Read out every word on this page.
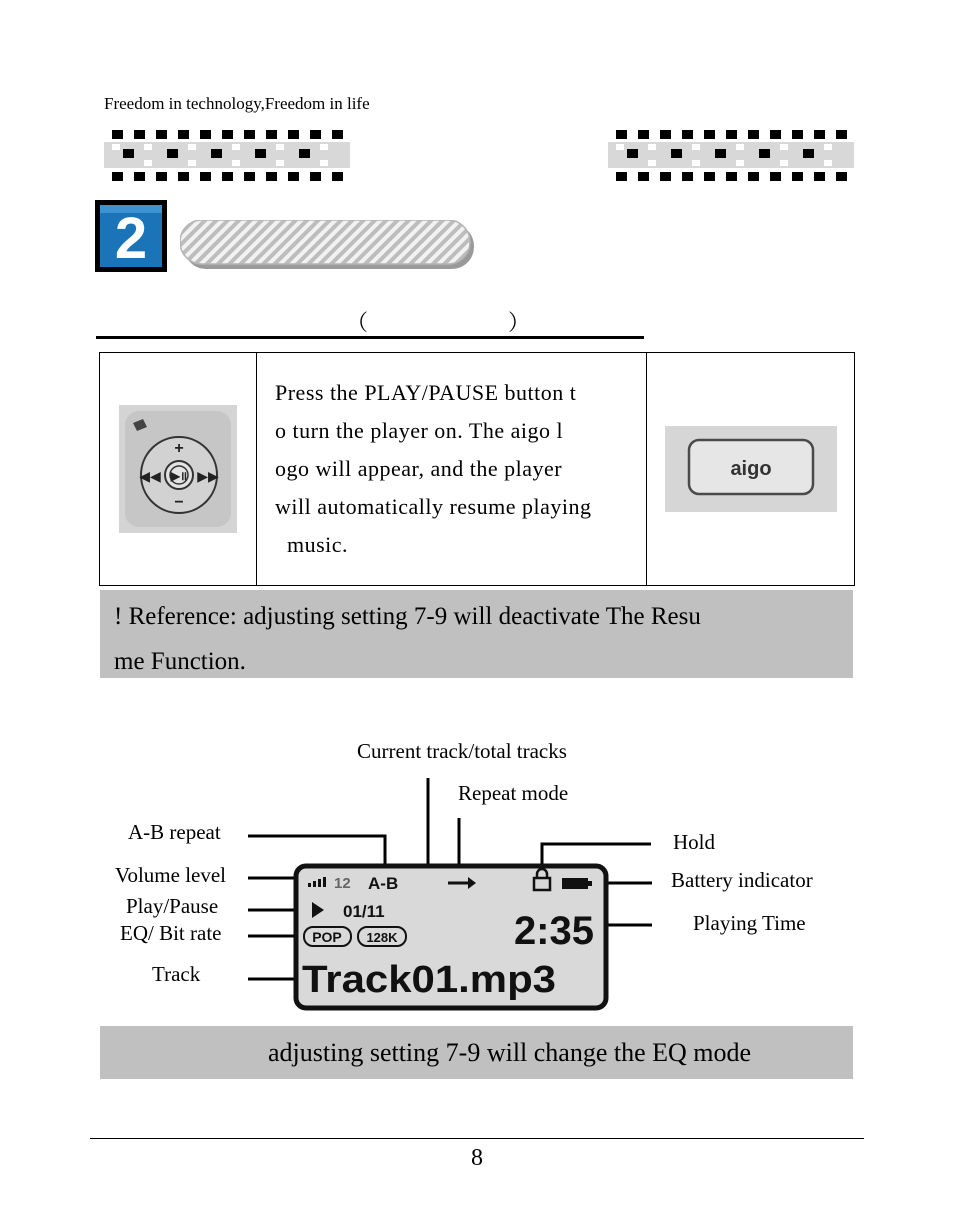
Freedom in technology,Freedom in life
2
（	）
▶॥
+
−
◀◀	▶▶

Press the PLAY/PAUSE button t
o turn the player on. The aigo l
ogo will appear, and the player
will automatically resume playing
music.

aigo
! Reference: adjusting setting 7-9 will deactivate The Resu
me Function.
Current track/total tracks
Repeat mode
A-B repeat
Volume level
Play/Pause
EQ/ Bit rate
Track
Hold
Battery indicator
Playing Time
12 A-B
01/11
POP 128K	2:35
Track01.mp3
adjusting setting 7-9 will change the EQ mode
8
